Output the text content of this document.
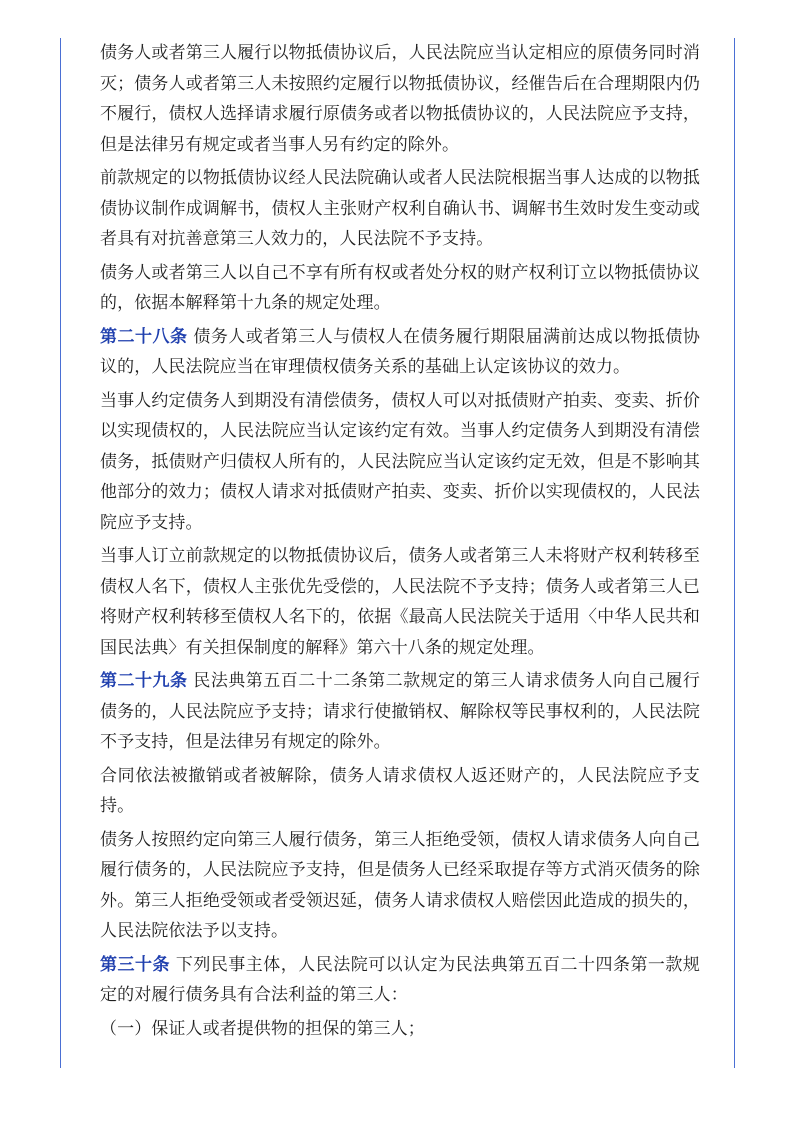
债务人或者第三人履行以物抵债协议后，人民法院应当认定相应的原债务同时消灭；债务人或者第三人未按照约定履行以物抵债协议，经催告后在合理期限内仍不履行，债权人选择请求履行原债务或者以物抵债协议的，人民法院应予支持，但是法律另有规定或者当事人另有约定的除外。

前款规定的以物抵债协议经人民法院确认或者人民法院根据当事人达成的以物抵债协议制作成调解书，债权人主张财产权利自确认书、调解书生效时发生变动或者具有对抗善意第三人效力的，人民法院不予支持。

债务人或者第三人以自己不享有所有权或者处分权的财产权利订立以物抵债协议的，依据本解释第十九条的规定处理。

第二十八条 债务人或者第三人与债权人在债务履行期限届满前达成以物抵债协议的，人民法院应当在审理债权债务关系的基础上认定该协议的效力。

当事人约定债务人到期没有清偿债务，债权人可以对抵债财产拍卖、变卖、折价以实现债权的，人民法院应当认定该约定有效。当事人约定债务人到期没有清偿债务，抵债财产归债权人所有的，人民法院应当认定该约定无效，但是不影响其他部分的效力；债权人请求对抵债财产拍卖、变卖、折价以实现债权的，人民法院应予支持。

当事人订立前款规定的以物抵债协议后，债务人或者第三人未将财产权利转移至债权人名下，债权人主张优先受偿的，人民法院不予支持；债务人或者第三人已将财产权利转移至债权人名下的，依据《最高人民法院关于适用〈中华人民共和国民法典〉有关担保制度的解释》第六十八条的规定处理。

第二十九条 民法典第五百二十二条第二款规定的第三人请求债务人向自己履行债务的，人民法院应予支持；请求行使撤销权、解除权等民事权利的，人民法院不予支持，但是法律另有规定的除外。

合同依法被撤销或者被解除，债务人请求债权人返还财产的，人民法院应予支持。

债务人按照约定向第三人履行债务，第三人拒绝受领，债权人请求债务人向自己履行债务的，人民法院应予支持，但是债务人已经采取提存等方式消灭债务的除外。第三人拒绝受领或者受领迟延，债务人请求债权人赔偿因此造成的损失的，人民法院依法予以支持。

第三十条 下列民事主体，人民法院可以认定为民法典第五百二十四条第一款规定的对履行债务具有合法利益的第三人：

（一）保证人或者提供物的担保的第三人；
